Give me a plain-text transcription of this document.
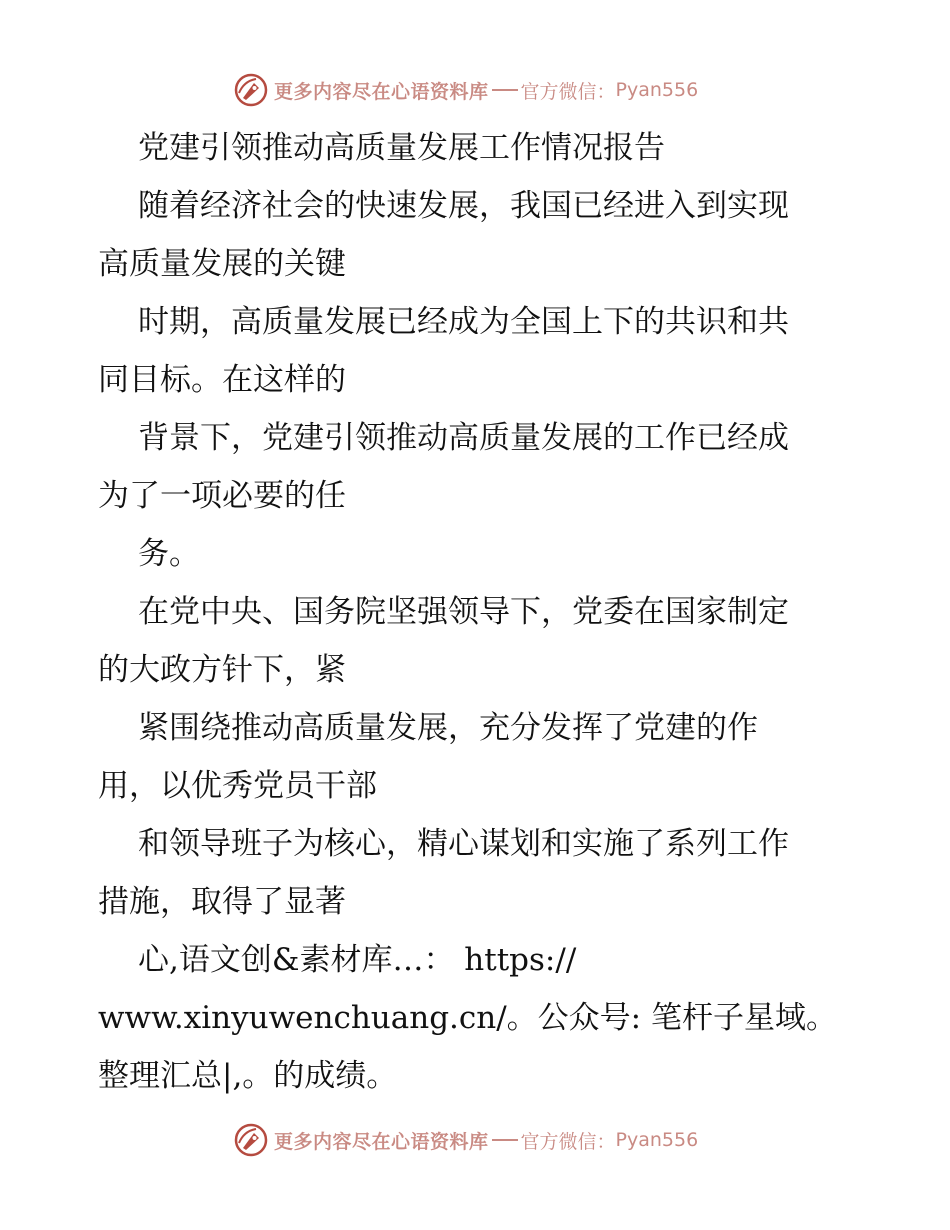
更多内容尽在心语资料库 官方微信： Pyan556
党建引领推动高质量发展工作情况报告
随着经济社会的快速发展，我国已经进入到实现
高质量发展的关键
时期，高质量发展已经成为全国上下的共识和共
同目标。在这样的
背景下，党建引领推动高质量发展的工作已经成
为了一项必要的任
务。
在党中央、国务院坚强领导下，党委在国家制定
的大政方针下，紧
紧围绕推动高质量发展，充分发挥了党建的作
用，以优秀党员干部
和领导班子为核心，精心谋划和实施了系列工作
措施，取得了显著
心,语文创&素材库…： https://
www.xinyuwenchuang.cn/。公众号: 笔杆子星域。
整理汇总|,。的成绩。
更多内容尽在心语资料库 官方微信： Pyan556
